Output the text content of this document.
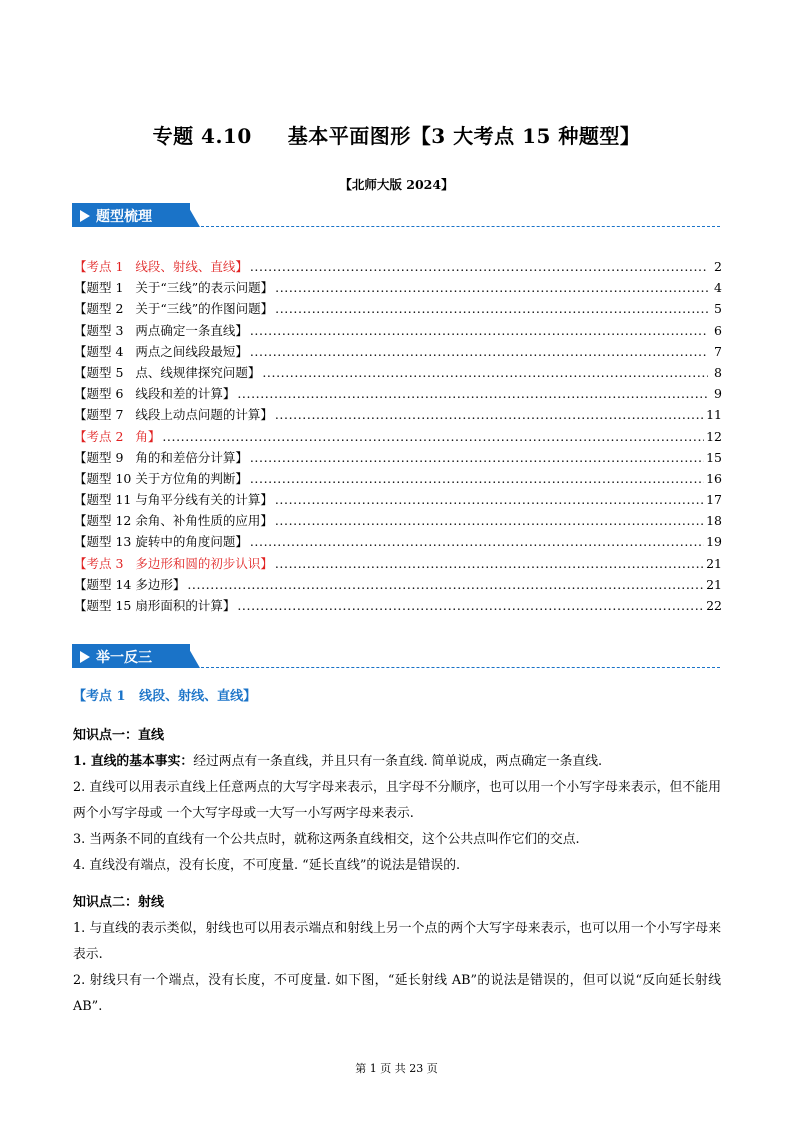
专题 4.10 基本平面图形【3 大考点 15 种题型】
【北师大版 2024】
题型梳理
【考点 1   线段、射线、直线】 .....	2
【题型 1   关于“三线”的表示问题】 .....	4
【题型 2   关于“三线”的作图问题】 .....	5
【题型 3   两点确定一条直线】 .....	6
【题型 4   两点之间线段最短】 .....	7
【题型 5   点、线规律探究问题】 .....	8
【题型 6   线段和差的计算】 .....	9
【题型 7   线段上动点问题的计算】 .....	11
【考点 2   角】 .....	12
【题型 9   角的和差倍分计算】 .....	15
【题型 10 关于方位角的判断】 .....	16
【题型 11 与角平分线有关的计算】 .....	17
【题型 12 余角、补角性质的应用】 .....	18
【题型 13 旋转中的角度问题】 .....	19
【考点 3   多边形和圆的初步认识】 .....	21
【题型 14 多边形】 .....	21
【题型 15 扇形面积的计算】 .....	22
举一反三

【考点 1   线段、射线、直线】

知识点一：直线

1. 直线的基本事实：经过两点有一条直线，并且只有一条直线. 简单说成，两点确定一条直线.

2. 直线可以用表示直线上任意两点的大写字母来表示，且字母不分顺序，也可以用一个小写字母来表示，但不能用两个小写字母或 一个大写字母或一大写一小写两字母来表示.

3. 当两条不同的直线有一个公共点时，就称这两条直线相交，这个公共点叫作它们的交点.

4. 直线没有端点，没有长度，不可度量. “延长直线”的说法是错误的.

知识点二：射线

1. 与直线的表示类似，射线也可以用表示端点和射线上另一个点的两个大写字母来表示，也可以用一个小写字母来表示.

2. 射线只有一个端点，没有长度，不可度量. 如下图，“延长射线 AB”的说法是错误的，但可以说“反向延长射线 AB”.

第 1 页 共 23 页
